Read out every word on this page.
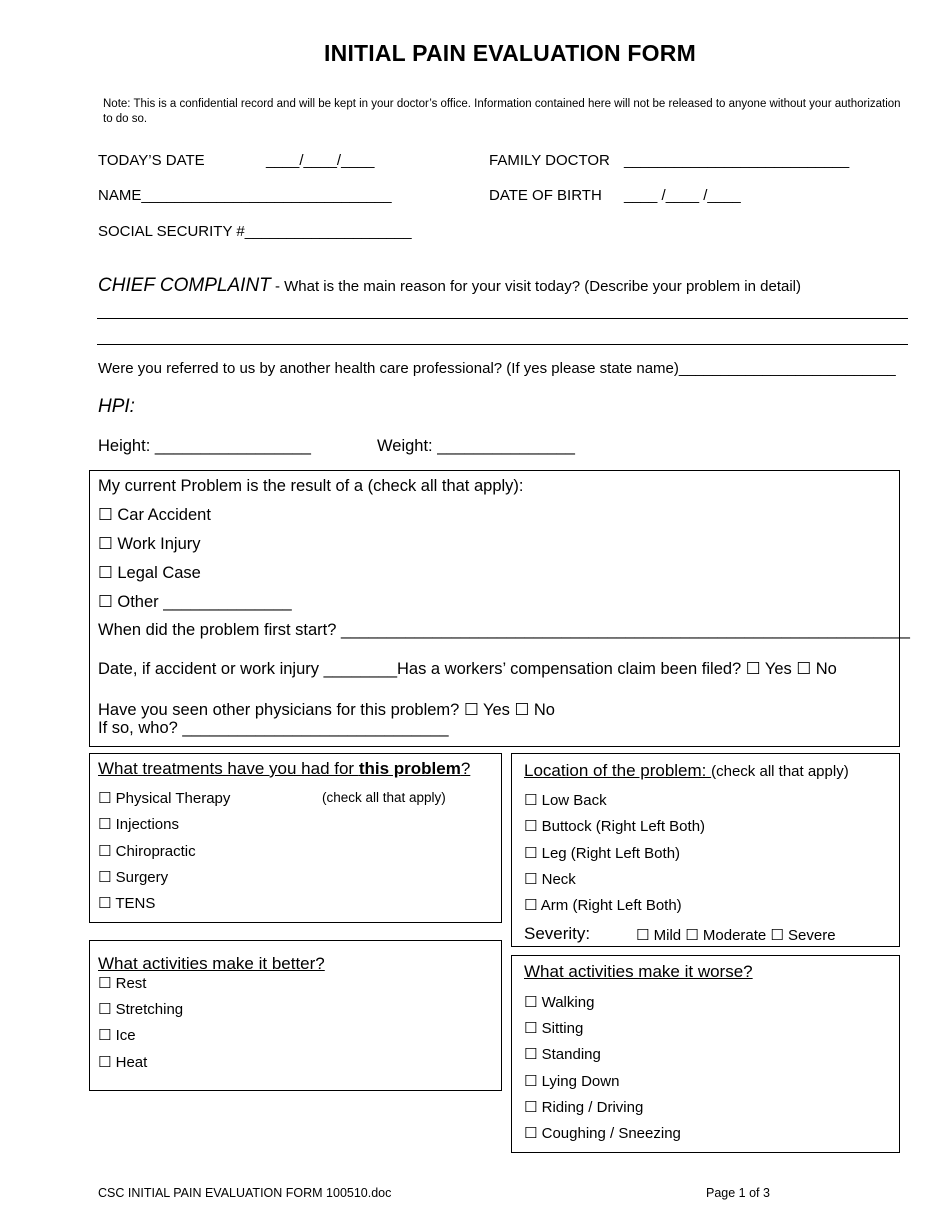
INITIAL PAIN EVALUATION FORM
Note: This is a confidential record and will be kept in your doctor’s office. Information contained here will not be released to anyone without your authorization to do so.
TODAY’S DATE	____/____/____	FAMILY DOCTOR ___________________________
NAME______________________________	DATE OF BIRTH ____ /____ /____
SOCIAL SECURITY #____________________
CHIEF COMPLAINT - What is the main reason for your visit today? (Describe your problem in detail)
Were you referred to us by another health care professional? (If yes please state name)__________________________
HPI:
Height: _________________	Weight: _______________
My current Problem is the result of a (check all that apply):
☐ Car Accident
☐ Work Injury
☐ Legal Case
☐ Other ______________
When did the problem first start? ______________________________________________________________
Date, if accident or work injury ________Has a workers’ compensation claim been filed? ☐ Yes ☐ No
Have you seen other physicians for this problem? ☐ Yes ☐ No
If so, who? _____________________________
What treatments have you had for this problem?
☐ Physical Therapy	(check all that apply)
☐ Injections
☐ Chiropractic
☐ Surgery
☐ TENS
Location of the problem: (check all that apply)
☐ Low Back
☐ Buttock (Right Left Both)
☐ Leg (Right Left Both)
☐ Neck
☐ Arm (Right Left Both)
Severity:	☐ Mild ☐ Moderate ☐ Severe
What activities make it better?
☐ Rest
☐ Stretching
☐ Ice
☐ Heat
What activities make it worse?
☐ Walking
☐ Sitting
☐ Standing
☐ Lying Down
☐ Riding / Driving
☐ Coughing / Sneezing
CSC INITIAL PAIN EVALUATION FORM 100510.doc	Page 1 of 3
